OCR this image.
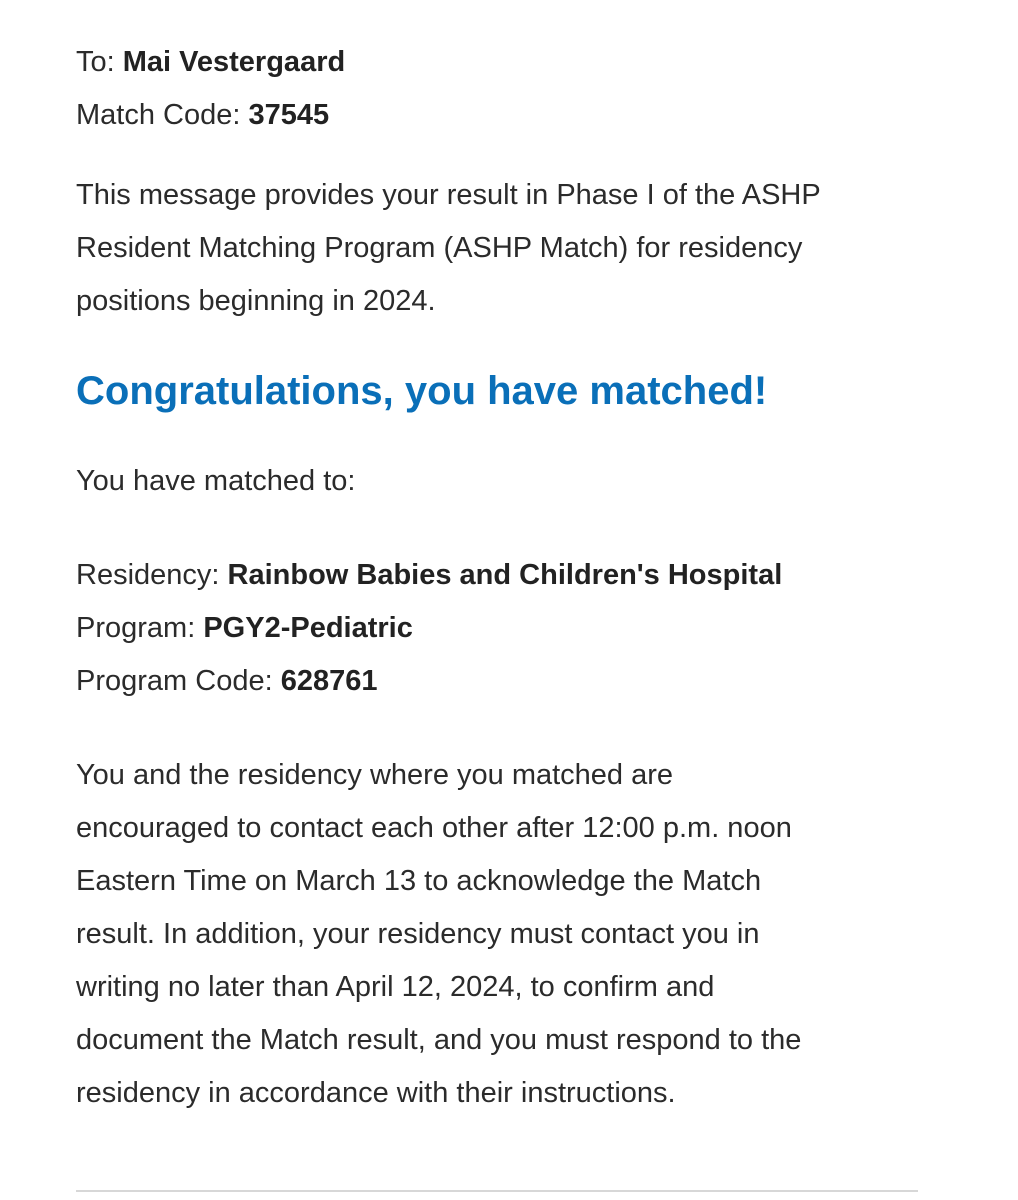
To: Mai Vestergaard
Match Code: 37545
This message provides your result in Phase I of the ASHP
Resident Matching Program (ASHP Match) for residency
positions beginning in 2024.
Congratulations, you have matched!
You have matched to:
Residency: Rainbow Babies and Children's Hospital
Program: PGY2-Pediatric
Program Code: 628761
You and the residency where you matched are
encouraged to contact each other after 12:00 p.m. noon
Eastern Time on March 13 to acknowledge the Match
result. In addition, your residency must contact you in
writing no later than April 12, 2024, to confirm and
document the Match result, and you must respond to the
residency in accordance with their instructions.
